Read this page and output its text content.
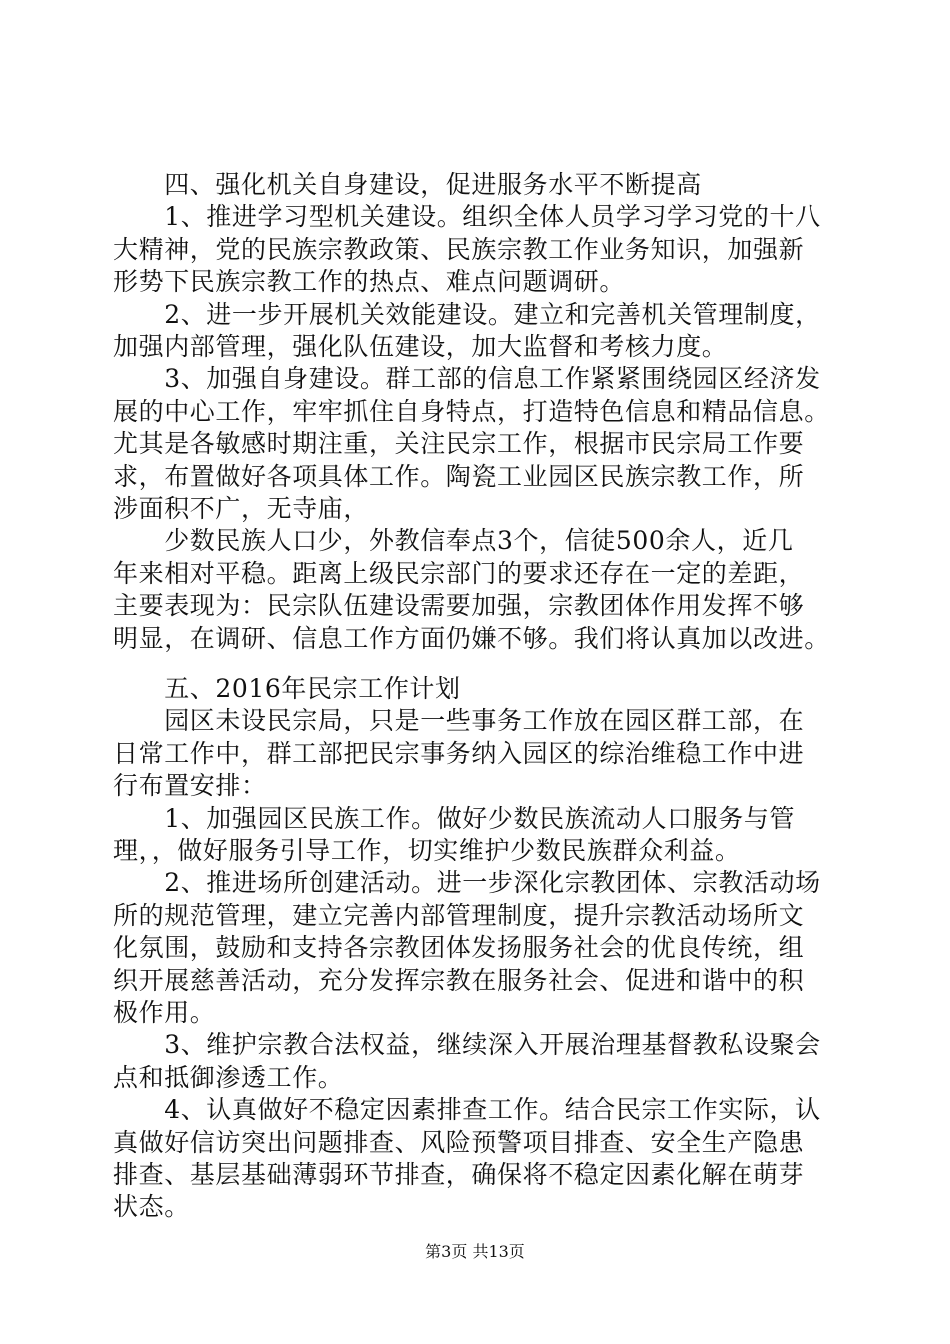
　　四、强化机关自身建设，促进服务水平不断提高
　　1、推进学习型机关建设。组织全体人员学习学习党的十八
大精神，党的民族宗教政策、民族宗教工作业务知识，加强新
形势下民族宗教工作的热点、难点问题调研。
　　2、进一步开展机关效能建设。建立和完善机关管理制度，
加强内部管理，强化队伍建设，加大监督和考核力度。
　　3、加强自身建设。群工部的信息工作紧紧围绕园区经济发
展的中心工作，牢牢抓住自身特点，打造特色信息和精品信息。
尤其是各敏感时期注重，关注民宗工作，根据市民宗局工作要
求，布置做好各项具体工作。陶瓷工业园区民族宗教工作，所
涉面积不广，无寺庙，
　　少数民族人口少，外教信奉点3个，信徒500余人，近几
年来相对平稳。距离上级民宗部门的要求还存在一定的差距，
主要表现为：民宗队伍建设需要加强，宗教团体作用发挥不够
明显，在调研、信息工作方面仍嫌不够。我们将认真加以改进。
　　五、2016年民宗工作计划
　　园区未设民宗局，只是一些事务工作放在园区群工部，在
日常工作中，群工部把民宗事务纳入园区的综治维稳工作中进
行布置安排：
　　1、加强园区民族工作。做好少数民族流动人口服务与管
理，，做好服务引导工作，切实维护少数民族群众利益。
　　2、推进场所创建活动。进一步深化宗教团体、宗教活动场
所的规范管理，建立完善内部管理制度，提升宗教活动场所文
化氛围，鼓励和支持各宗教团体发扬服务社会的优良传统，组
织开展慈善活动，充分发挥宗教在服务社会、促进和谐中的积
极作用。
　　3、维护宗教合法权益，继续深入开展治理基督教私设聚会
点和抵御渗透工作。
　　4、认真做好不稳定因素排查工作。结合民宗工作实际，认
真做好信访突出问题排查、风险预警项目排查、安全生产隐患
排查、基层基础薄弱环节排查，确保将不稳定因素化解在萌芽
状态。
第3页 共13页
